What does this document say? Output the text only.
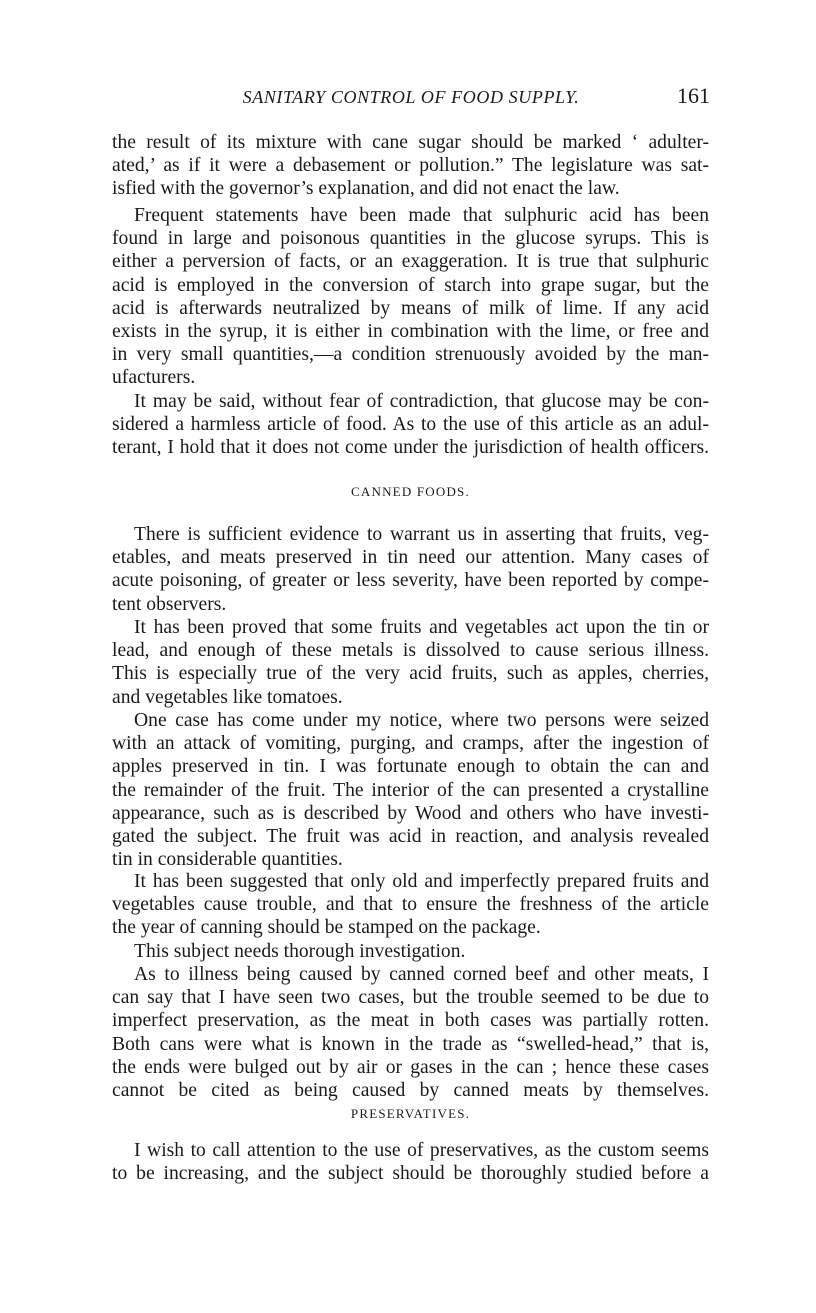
SANITARY CONTROL OF FOOD SUPPLY.	161
the result of its mixture with cane sugar should be marked ‘ adulter-
ated,’ as if it were a debasement or pollution.” The legislature was sat-
isfied with the governor’s explanation, and did not enact the law.
Frequent statements have been made that sulphuric acid has been
found in large and poisonous quantities in the glucose syrups. This is
either a perversion of facts, or an exaggeration. It is true that sulphuric
acid is employed in the conversion of starch into grape sugar, but the
acid is afterwards neutralized by means of milk of lime. If any acid
exists in the syrup, it is either in combination with the lime, or free and
in very small quantities,—a condition strenuously avoided by the man-
ufacturers.
It may be said, without fear of contradiction, that glucose may be con-
sidered a harmless article of food. As to the use of this article as an adul-
terant, I hold that it does not come under the jurisdiction of health officers.
CANNED FOODS.
There is sufficient evidence to warrant us in asserting that fruits, veg-
etables, and meats preserved in tin need our attention. Many cases of
acute poisoning, of greater or less severity, have been reported by compe-
tent observers.
It has been proved that some fruits and vegetables act upon the tin or
lead, and enough of these metals is dissolved to cause serious illness.
This is especially true of the very acid fruits, such as apples, cherries,
and vegetables like tomatoes.
One case has come under my notice, where two persons were seized
with an attack of vomiting, purging, and cramps, after the ingestion of
apples preserved in tin. I was fortunate enough to obtain the can and
the remainder of the fruit. The interior of the can presented a crystalline
appearance, such as is described by Wood and others who have investi-
gated the subject. The fruit was acid in reaction, and analysis revealed
tin in considerable quantities.
It has been suggested that only old and imperfectly prepared fruits and
vegetables cause trouble, and that to ensure the freshness of the article
the year of canning should be stamped on the package.
This subject needs thorough investigation.
As to illness being caused by canned corned beef and other meats, I
can say that I have seen two cases, but the trouble seemed to be due to
imperfect preservation, as the meat in both cases was partially rotten.
Both cans were what is known in the trade as “swelled-head,” that is,
the ends were bulged out by air or gases in the can ; hence these cases
cannot be cited as being caused by canned meats by themselves.
PRESERVATIVES.
I wish to call attention to the use of preservatives, as the custom seems
to be increasing, and the subject should be thoroughly studied before a
